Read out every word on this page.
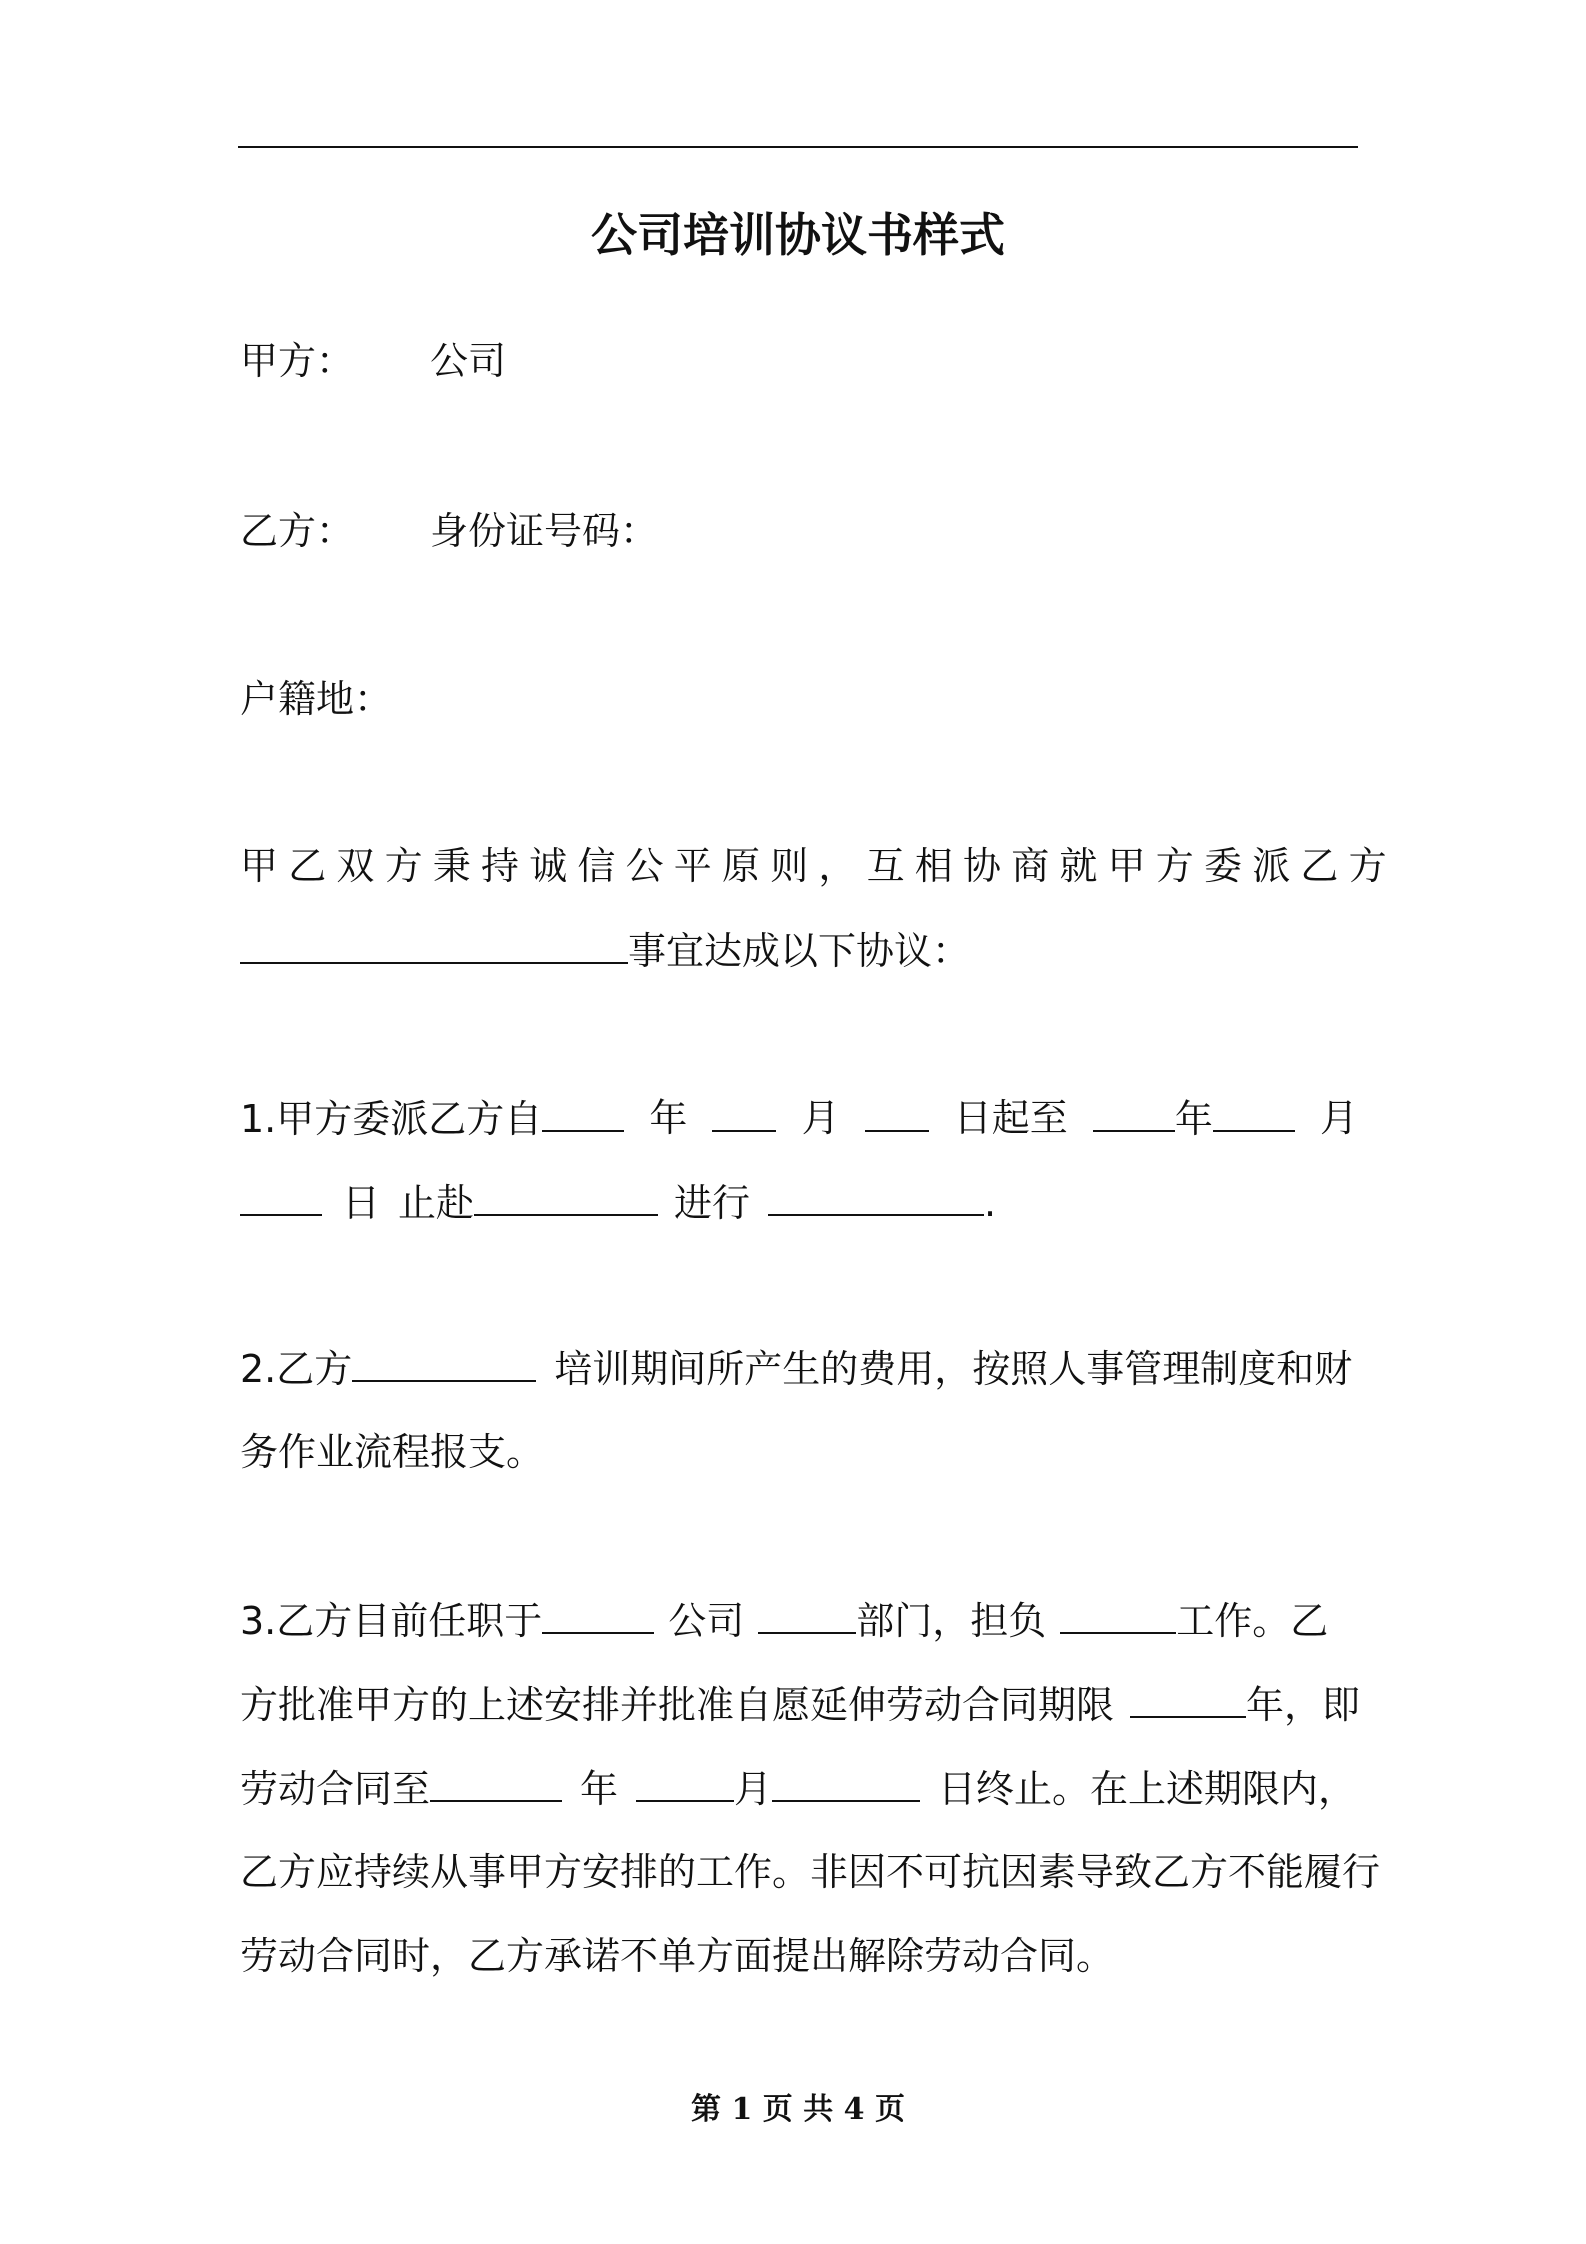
公司培训协议书样式
甲方： 公司
乙方： 身份证号码：
户籍地：
甲乙双方秉持诚信公平原则，互相协商就甲方委派乙方
事宜达成以下协议：
1.甲方委派乙方自	年	月	日起至	年	月
日 止赴	进行	.
2.乙方	培训期间所产生的费用，按照人事管理制度和财
务作业流程报支。
3.乙方目前任职于	公司	部门，担负	工作。乙
方批准甲方的上述安排并批准自愿延伸劳动合同期限	年，即
劳动合同至	年	月	日终止。在上述期限内，
乙方应持续从事甲方安排的工作。非因不可抗因素导致乙方不能履行
劳动合同时，乙方承诺不单方面提出解除劳动合同。
第 1 页 共 4 页
